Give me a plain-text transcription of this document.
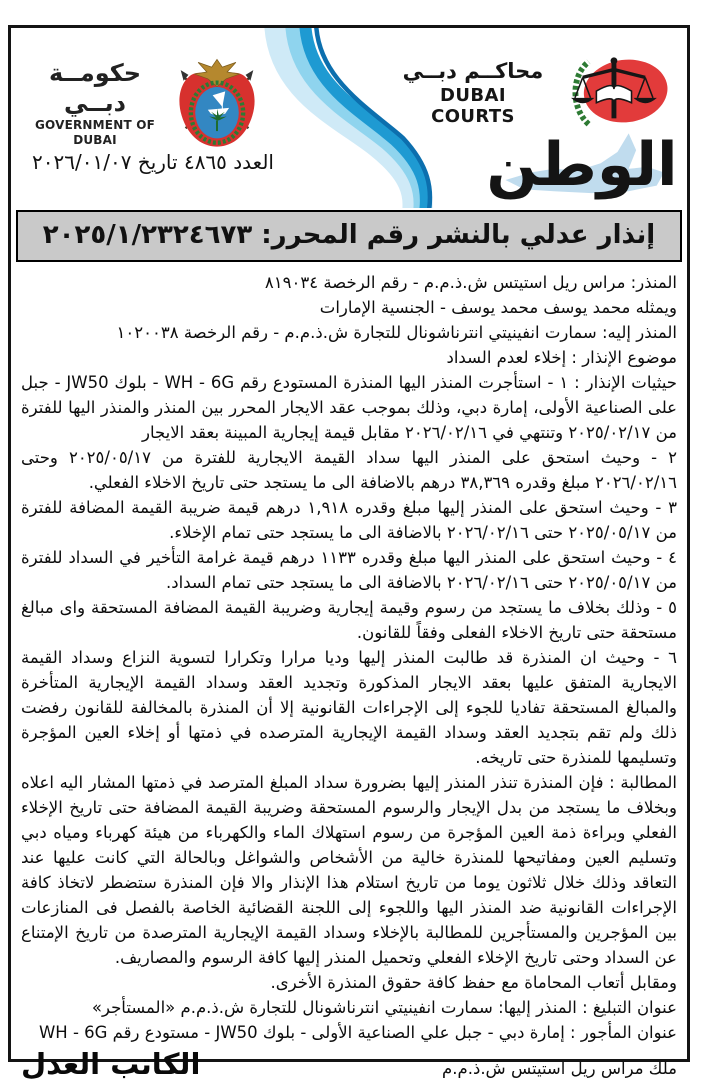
حكومــة دبــي
GOVERNMENT OF DUBAI
العدد ٤٨٦٥ تاريخ ٢٠٢٦/٠١/٠٧
محاكــم دبــي
DUBAI COURTS
الوطن
إنذار عدلي بالنشر رقم المحرر: ٢٠٢٥/١/٢٣٢٤٦٧٣

المنذر: مراس ريل استيتس ش.ذ.م.م - رقم الرخصة ٨١٩٠٣٤

ويمثله محمد يوسف محمد يوسف - الجنسية الإمارات

المنذر إليه: سمارت انفينيتي انترناشونال للتجارة ش.ذ.م.م - رقم الرخصة ١٠٢٠٠٣٨

موضوع الإنذار : إخلاء لعدم السداد

حيثيات الإنذار : ١ - استأجرت المنذر اليها المنذرة المستودع رقم WH - 6G - بلوك JW50 - جبل على الصناعية الأولى، إمارة دبي، وذلك بموجب عقد الايجار المحرر بين المنذر والمنذر اليها للفترة من ٢٠٢٥/٠٢/١٧ وتنتهي في ٢٠٢٦/٠٢/١٦ مقابل قيمة إيجارية المبينة بعقد الايجار

٢ - وحيث استحق على المنذر اليها سداد القيمة الايجارية للفترة من ٢٠٢٥/٠٥/١٧ وحتى ٢٠٢٦/٠٢/١٦ مبلغ وقدره ٣٨,٣٦٩ درهم بالاضافة الى ما يستجد حتى تاريخ الاخلاء الفعلي.

٣ - وحيث استحق على المنذر إليها مبلغ وقدره ١,٩١٨ درهم قيمة ضريبة القيمة المضافة للفترة من ٢٠٢٥/٠٥/١٧ حتى ٢٠٢٦/٠٢/١٦ بالاضافة الى ما يستجد حتى تمام الإخلاء.

٤ - وحيث استحق على المنذر اليها مبلغ وقدره ١١٣٣ درهم قيمة غرامة التأخير في السداد للفترة من ٢٠٢٥/٠٥/١٧ حتى ٢٠٢٦/٠٢/١٦ بالاضافة الى ما يستجد حتى تمام السداد.

٥ - وذلك بخلاف ما يستجد من رسوم وقيمة إيجارية وضريبة القيمة المضافة المستحقة واى مبالغ مستحقة حتى تاريخ الاخلاء الفعلى وفقاً للقانون.

٦ - وحيث ان المنذرة قد طالبت المنذر إليها وديا مرارا وتكرارا لتسوية النزاع وسداد القيمة الايجارية المتفق عليها بعقد الايجار المذكورة وتجديد العقد وسداد القيمة الإيجارية المتأخرة والمبالغ المستحقة تفاديا للجوء إلى الإجراءات القانونية إلا أن المنذرة بالمخالفة للقانون رفضت ذلك ولم تقم بتجديد العقد وسداد القيمة الإيجارية المترصده في ذمتها أو إخلاء العين المؤجرة وتسليمها للمنذرة حتى تاريخه.

المطالبة : فإن المنذرة تنذر المنذر إليها بضرورة سداد المبلغ المترصد في ذمتها المشار اليه اعلاه وبخلاف ما يستجد من بدل الإيجار والرسوم المستحقة وضريبة القيمة المضافة حتى تاريخ الإخلاء الفعلي وبراءة ذمة العين المؤجرة من رسوم استهلاك الماء والكهرباء من هيئة كهرباء ومياه دبي وتسليم العين ومفاتيحها للمنذرة خالية من الأشخاص والشواغل وبالحالة التي كانت عليها عند التعاقد وذلك خلال ثلاثون يوما من تاريخ استلام هذا الإنذار والا فإن المنذرة ستضطر لاتخاذ كافة الإجراءات القانونية ضد المنذر اليها واللجوء إلى اللجنة القضائية الخاصة بالفصل فى المنازعات بين المؤجرين والمستأجرين للمطالبة بالإخلاء وسداد القيمة الإيجارية المترصدة من تاريخ الإمتناع عن السداد وحتى تاريخ الإخلاء الفعلي وتحميل المنذر إليها كافة الرسوم والمصاريف.

ومقابل أتعاب المحاماة مع حفظ كافة حقوق المنذرة الأخرى.

عنوان التبليغ : المنذر إليها: سمارت انفينيتي انترناشونال للتجارة ش.ذ.م.م «المستأجر»

عنوان المأجور : إمارة دبي - جبل علي الصناعية الأولى - بلوك JW50 - مستودع رقم WH - 6G

ملك مراس ريل استيتس ش.ذ.م.م
الكاتب العدل
